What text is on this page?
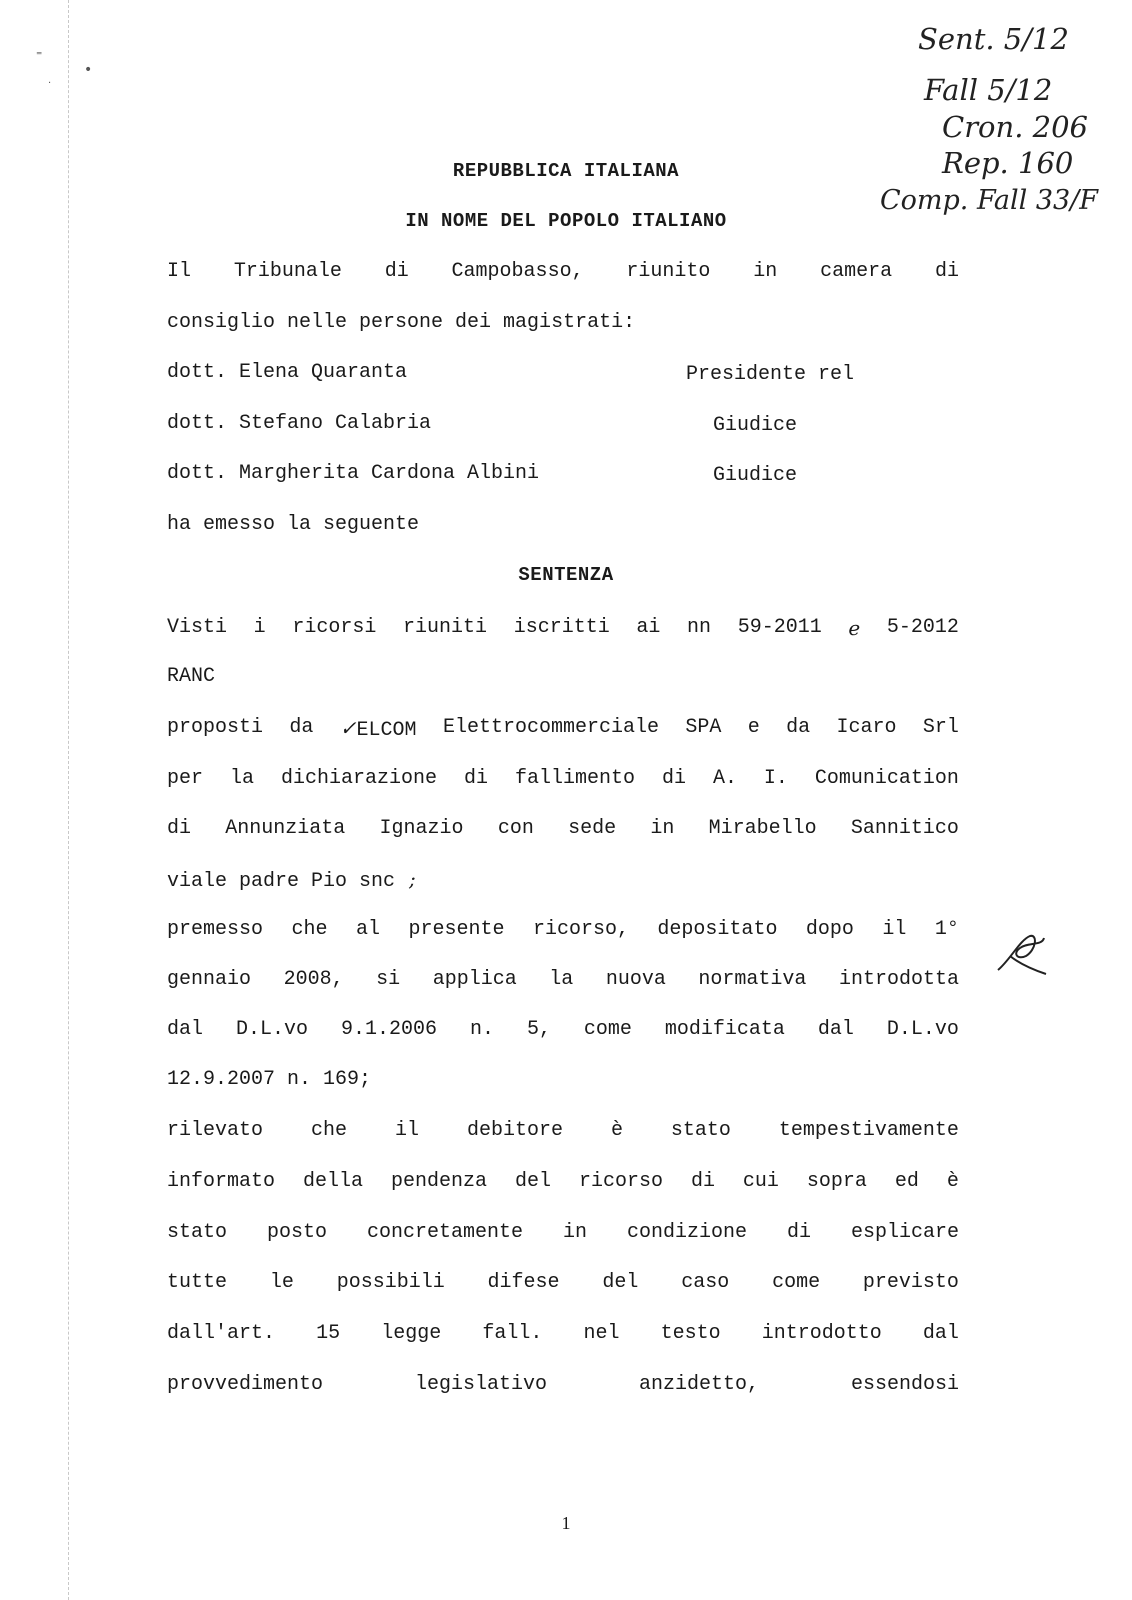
⁼
·
•
Sent. 5/12
Fall 5/12
Cron. 206
Rep. 160
Comp. Fall 33/F
REPUBBLICA ITALIANA
IN NOME DEL POPOLO ITALIANO
Il Tribunale di Campobasso, riunito in camera di
consiglio nelle persone dei magistrati:
dott. Elena Quaranta	Presidente rel
dott. Stefano Calabria	Giudice
dott. Margherita Cardona Albini	Giudice
ha emesso la seguente
SENTENZA
Visti i ricorsi riuniti iscritti ai nn 59-2011 e 5-2012
RANC
proposti da ✓ELCOM Elettrocommerciale SPA e da Icaro Srl
per la dichiarazione di fallimento di A. I. Comunication
di Annunziata Ignazio con sede in Mirabello Sannitico
viale padre Pio snc ;
premesso che al presente ricorso, depositato dopo il 1°
gennaio 2008, si applica la nuova normativa introdotta
dal D.L.vo 9.1.2006 n. 5, come modificata dal D.L.vo
12.9.2007 n. 169;
rilevato che il debitore è stato tempestivamente
informato della pendenza del ricorso di cui sopra ed è
stato posto concretamente in condizione di esplicare
tutte le possibili difese del caso come previsto
dall'art. 15 legge fall. nel testo introdotto dal
provvedimento	legislativo	anzidetto,	essendosi
1
